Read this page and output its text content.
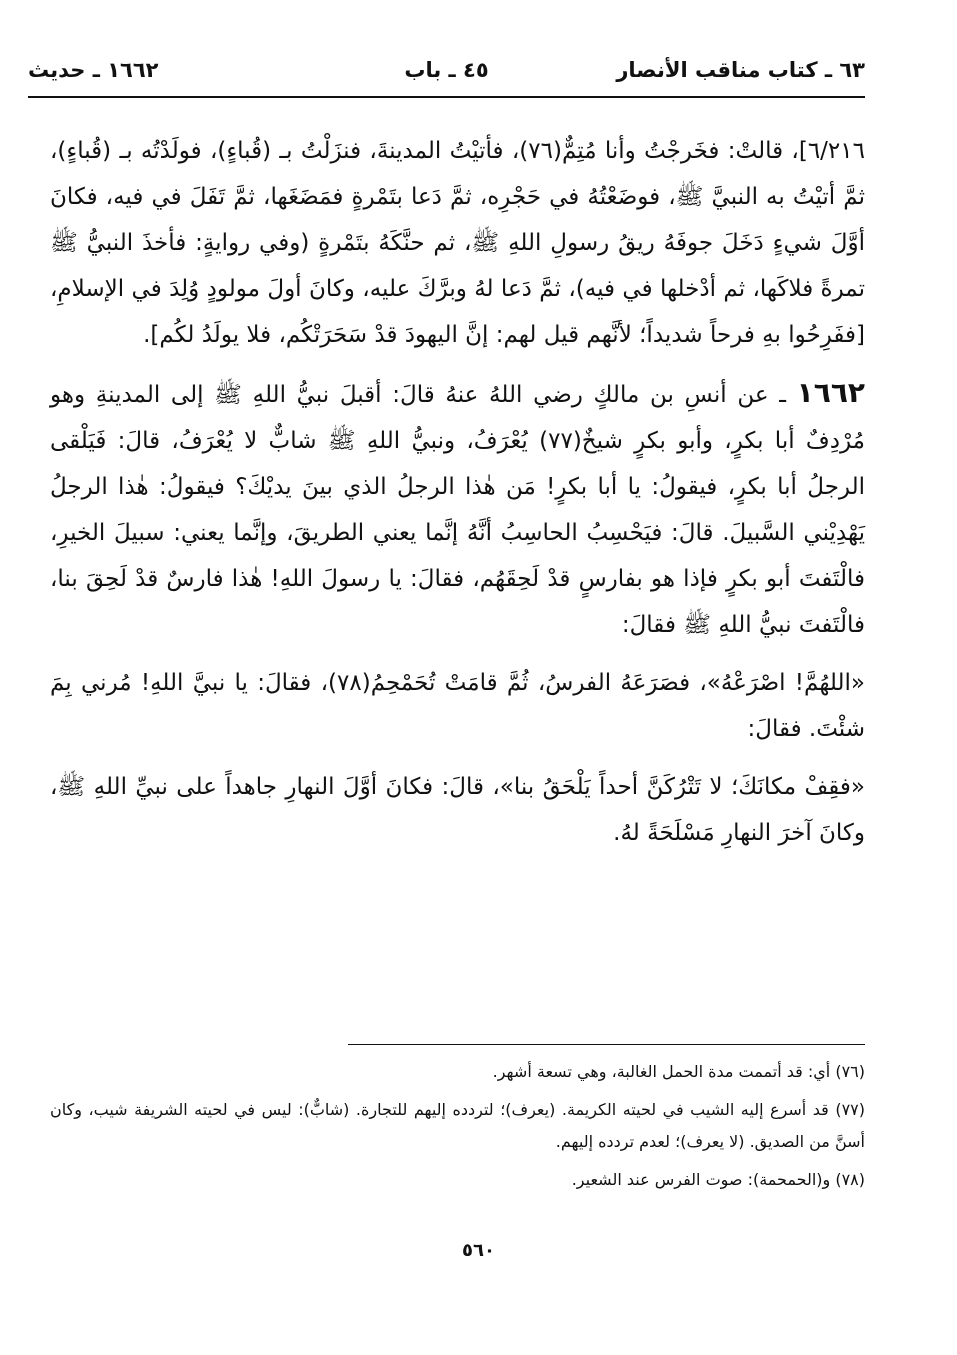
٦٣ ـ كتاب مناقب الأنصار
٤٥ ـ باب
١٦٦٢ ـ حديث

٦/٢١٦]، قالتْ: فخَرجْتُ وأنا مُتِمٌّ(٧٦)، فأتيْتُ المدينةَ، فنزَلْتُ بـ (قُباءٍ)، فولَدْتُه بـ (قُباءٍ)، ثمَّ أتيْتُ به النبيَّ ﷺ، فوضَعْتُهُ في حَجْرِه، ثمَّ دَعا بتَمْرةٍ فمَضَغَها، ثمَّ تَفَلَ في فيه، فكانَ أوَّلَ شيءٍ دَخَلَ جوفَهُ ريقُ رسولِ اللهِ ﷺ، ثم حنَّكَهُ بتَمْرةٍ (وفي روايةٍ: فأخذَ النبيُّ ﷺ تمرةً فلاكَها، ثم أدْخلها في فيه)، ثمَّ دَعا لهُ وبرَّكَ عليه، وكانَ أولَ مولودٍ وُلِدَ في الإسلامِ، [ففَرِحُوا بهِ فرحاً شديداً؛ لأنَّهم قيل لهم: إنَّ اليهودَ قدْ سَحَرَتْكُم، فلا يولَدُ لكُم].

١٦٦٢ ـ عن أنسِ بن مالكٍ رضي اللهُ عنهُ قالَ: أقبلَ نبيُّ اللهِ ﷺ إلى المدينةِ وهو مُرْدِفٌ أبا بكرٍ، وأبو بكرٍ شيخٌ(٧٧) يُعْرَفُ، ونبيُّ اللهِ ﷺ شابٌّ لا يُعْرَفُ، قالَ: فَيَلْقى الرجلُ أبا بكرٍ، فيقولُ: يا أبا بكرٍ! مَن هٰذا الرجلُ الذي بينَ يديْكَ؟ فيقولُ: هٰذا الرجلُ يَهْدِيْني السَّبيلَ. قالَ: فيَحْسِبُ الحاسِبُ أنَّهُ إنَّما يعني الطريقَ، وإنَّما يعني: سبيلَ الخيرِ، فالْتَفتَ أبو بكرٍ فإذا هو بفارسٍ قدْ لَحِقَهُم، فقالَ: يا رسولَ اللهِ! هٰذا فارسٌ قدْ لَحِقَ بنا، فالْتَفتَ نبيُّ اللهِ ﷺ فقالَ:

«اللهُمَّ! اصْرَعْهُ»، فصَرَعَهُ الفرسُ، ثُمَّ قامَتْ تُحَمْحِمُ(٧٨)، فقالَ: يا نبيَّ اللهِ! مُرني بِمَ شئْتَ. فقالَ:

«فقِفْ مكانَكَ؛ لا تَتْرُكَنَّ أحداً يَلْحَقُ بنا»، قالَ: فكانَ أوَّلَ النهارِ جاهداً على نبيِّ اللهِ ﷺ، وكانَ آخرَ النهارِ مَسْلَحَةً لهُ.

(٧٦) أي: قد أتممت مدة الحمل الغالبة، وهي تسعة أشهر.

(٧٧) قد أسرع إليه الشيب في لحيته الكريمة. (يعرف)؛ لتردده إليهم للتجارة. (شابٌّ): ليس في لحيته الشريفة شيب، وكان أسنَّ من الصديق. (لا يعرف)؛ لعدم تردده إليهم.

(٧٨) و(الحمحمة): صوت الفرس عند الشعير.

٥٦٠
